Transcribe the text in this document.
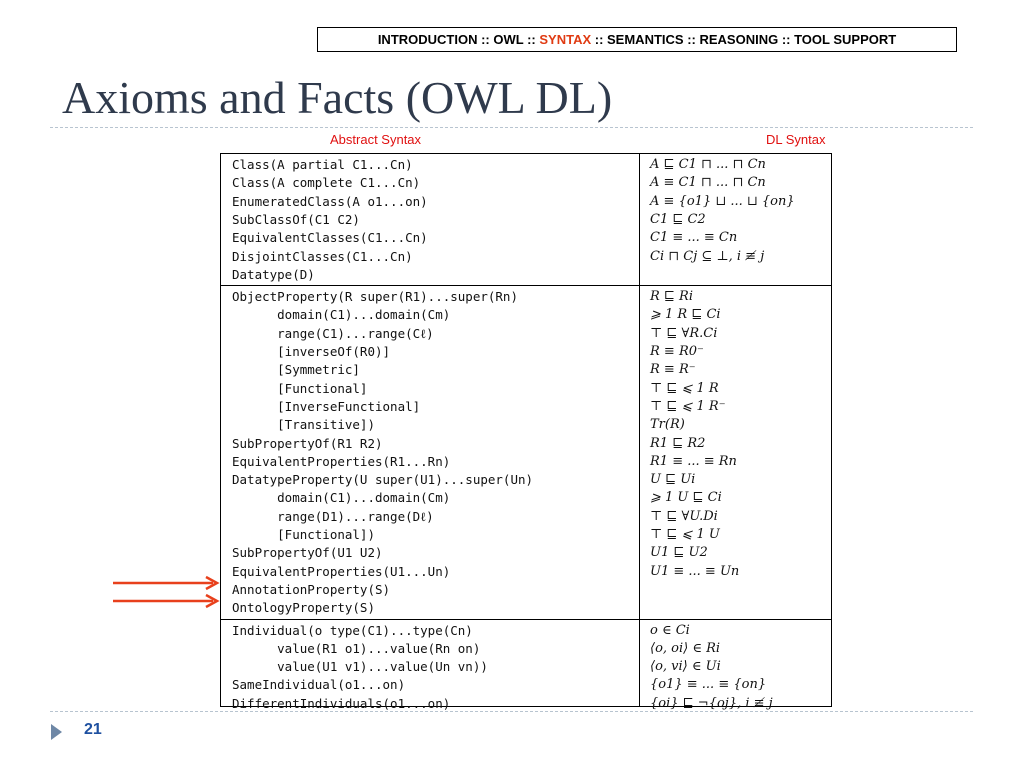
INTRODUCTION :: OWL :: SYNTAX :: SEMANTICS :: REASONING :: TOOL SUPPORT
Axioms and Facts (OWL DL)
Abstract Syntax	DL Syntax
Class(A partial C1...Cn)	A ⊑ C1 ⊓ ... ⊓ Cn
Class(A complete C1...Cn)	A ≡ C1 ⊓ ... ⊓ Cn
EnumeratedClass(A o1...on)	A ≡ {o1} ⊔ ... ⊔ {on}
SubClassOf(C1 C2)	C1 ⊑ C2
EquivalentClasses(C1...Cn)	C1 ≡ ... ≡ Cn
DisjointClasses(C1...Cn)	Ci ⊓ Cj ⊆ ⊥, i ≢ j
Datatype(D)
ObjectProperty(R super(R1)...super(Rn)	R ⊑ Ri
domain(C1)...domain(Cm)	⩾ 1 R ⊑ Ci
range(C1)...range(Cℓ)	⊤ ⊑ ∀R.Ci
[inverseOf(R0)]	R ≡ R0⁻
[Symmetric]	R ≡ R⁻
[Functional]	⊤ ⊑ ⩽ 1 R
[InverseFunctional]	⊤ ⊑ ⩽ 1 R⁻
[Transitive])	Tr(R)
SubPropertyOf(R1 R2)	R1 ⊑ R2
EquivalentProperties(R1...Rn)	R1 ≡ ... ≡ Rn
DatatypeProperty(U super(U1)...super(Un)	U ⊑ Ui
domain(C1)...domain(Cm)	⩾ 1 U ⊑ Ci
range(D1)...range(Dℓ)	⊤ ⊑ ∀U.Di
[Functional])	⊤ ⊑ ⩽ 1 U
SubPropertyOf(U1 U2)	U1 ⊑ U2
EquivalentProperties(U1...Un)	U1 ≡ ... ≡ Un
AnnotationProperty(S)
OntologyProperty(S)
Individual(o type(C1)...type(Cn)	o ∈ Ci
value(R1 o1)...value(Rn on)	⟨o, oi⟩ ∈ Ri
value(U1 v1)...value(Un vn))	⟨o, vi⟩ ∈ Ui
SameIndividual(o1...on)	{o1} ≡ ... ≡ {on}
DifferentIndividuals(o1...on)	{oi} ⊑ ¬{oj}, i ≢ j
21
